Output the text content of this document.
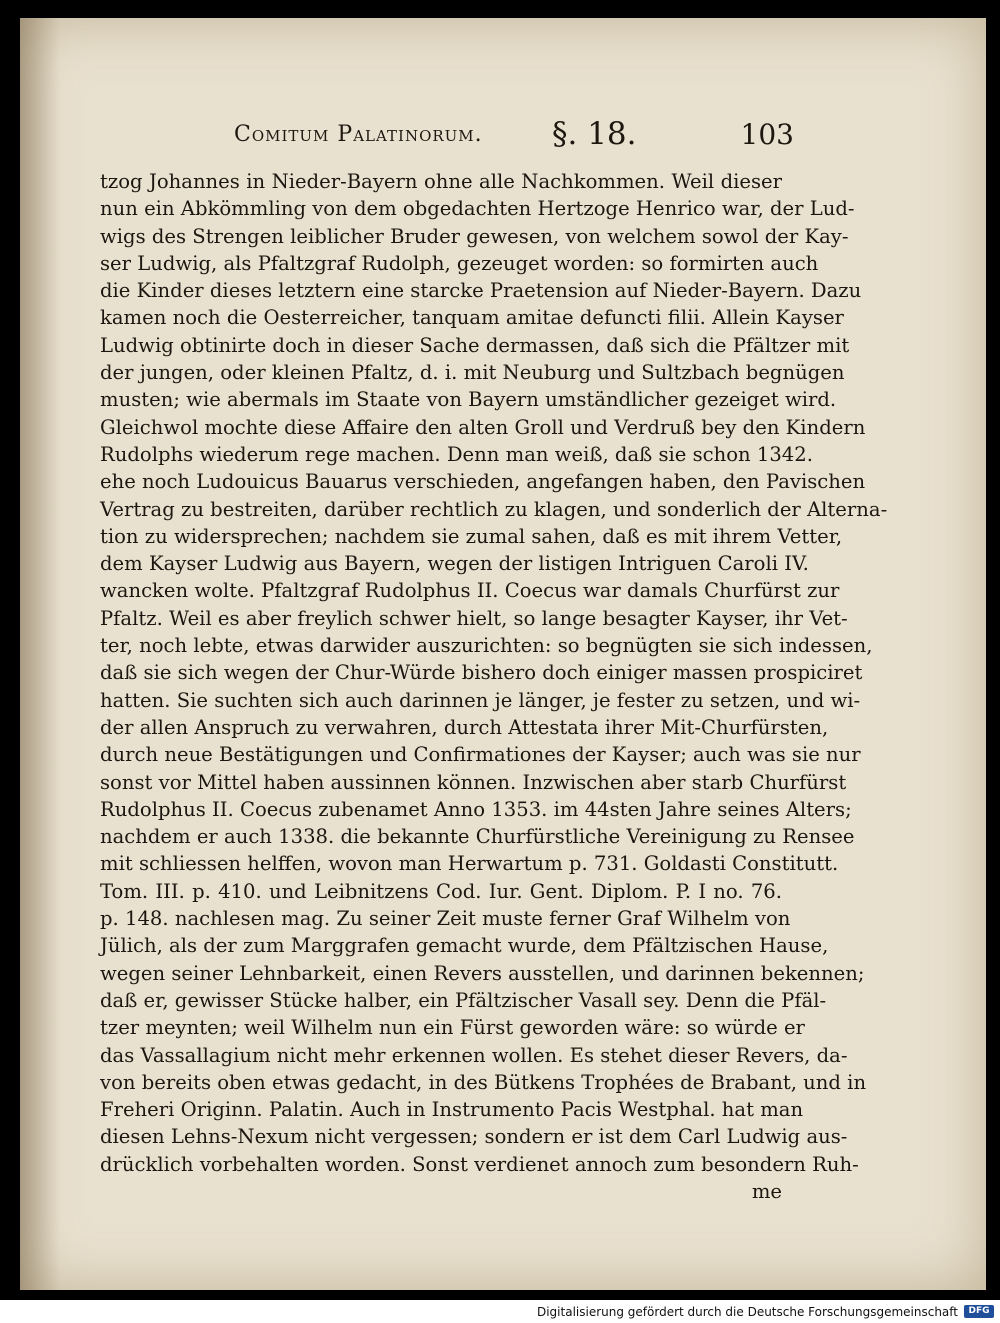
Comitum Palatinorum. §. 18.	103
tzog Johannes in Nieder-Bayern ohne alle Nachkommen. Weil dieser
nun ein Abkömmling von dem obgedachten Hertzoge Henrico war, der Lud-
wigs des Strengen leiblicher Bruder gewesen, von welchem sowol der Kay-
ser Ludwig, als Pfaltzgraf Rudolph, gezeuget worden: so formirten auch
die Kinder dieses letztern eine starcke Praetension auf Nieder-Bayern. Dazu
kamen noch die Oesterreicher, tanquam amitae defuncti filii. Allein Kayser
Ludwig obtinirte doch in dieser Sache dermassen, daß sich die Pfältzer mit
der jungen, oder kleinen Pfaltz, d. i. mit Neuburg und Sultzbach begnügen
musten; wie abermals im Staate von Bayern umständlicher gezeiget wird.
Gleichwol mochte diese Affaire den alten Groll und Verdruß bey den Kindern
Rudolphs wiederum rege machen. Denn man weiß, daß sie schon 1342.
ehe noch Ludouicus Bauarus verschieden, angefangen haben, den Pavischen
Vertrag zu bestreiten, darüber rechtlich zu klagen, und sonderlich der Alterna-
tion zu widersprechen; nachdem sie zumal sahen, daß es mit ihrem Vetter,
dem Kayser Ludwig aus Bayern, wegen der listigen Intriguen Caroli IV.
wancken wolte. Pfaltzgraf Rudolphus II. Coecus war damals Churfürst zur
Pfaltz. Weil es aber freylich schwer hielt, so lange besagter Kayser, ihr Vet-
ter, noch lebte, etwas darwider auszurichten: so begnügten sie sich indessen,
daß sie sich wegen der Chur-Würde bishero doch einiger massen prospiciret
hatten. Sie suchten sich auch darinnen je länger, je fester zu setzen, und wi-
der allen Anspruch zu verwahren, durch Attestata ihrer Mit-Churfürsten,
durch neue Bestätigungen und Confirmationes der Kayser; auch was sie nur
sonst vor Mittel haben aussinnen können. Inzwischen aber starb Churfürst
Rudolphus II. Coecus zubenamet Anno 1353. im 44sten Jahre seines Alters;
nachdem er auch 1338. die bekannte Churfürstliche Vereinigung zu Rensee
mit schliessen helffen, wovon man Herwartum p. 731. Goldasti Constitutt.
Tom. III. p. 410. und Leibnitzens Cod. Iur. Gent. Diplom. P. I no. 76.
p. 148. nachlesen mag. Zu seiner Zeit muste ferner Graf Wilhelm von
Jülich, als der zum Marggrafen gemacht wurde, dem Pfältzischen Hause,
wegen seiner Lehnbarkeit, einen Revers ausstellen, und darinnen bekennen;
daß er, gewisser Stücke halber, ein Pfältzischer Vasall sey. Denn die Pfäl-
tzer meynten; weil Wilhelm nun ein Fürst geworden wäre: so würde er
das Vassallagium nicht mehr erkennen wollen. Es stehet dieser Revers, da-
von bereits oben etwas gedacht, in des Bütkens Trophées de Brabant, und in
Freheri Originn. Palatin. Auch in Instrumento Pacis Westphal. hat man
diesen Lehns-Nexum nicht vergessen; sondern er ist dem Carl Ludwig aus-
drücklich vorbehalten worden. Sonst verdienet annoch zum besondern Ruh-
me
Digitalisierung gefördert durch die Deutsche Forschungsgemeinschaft	DFG
